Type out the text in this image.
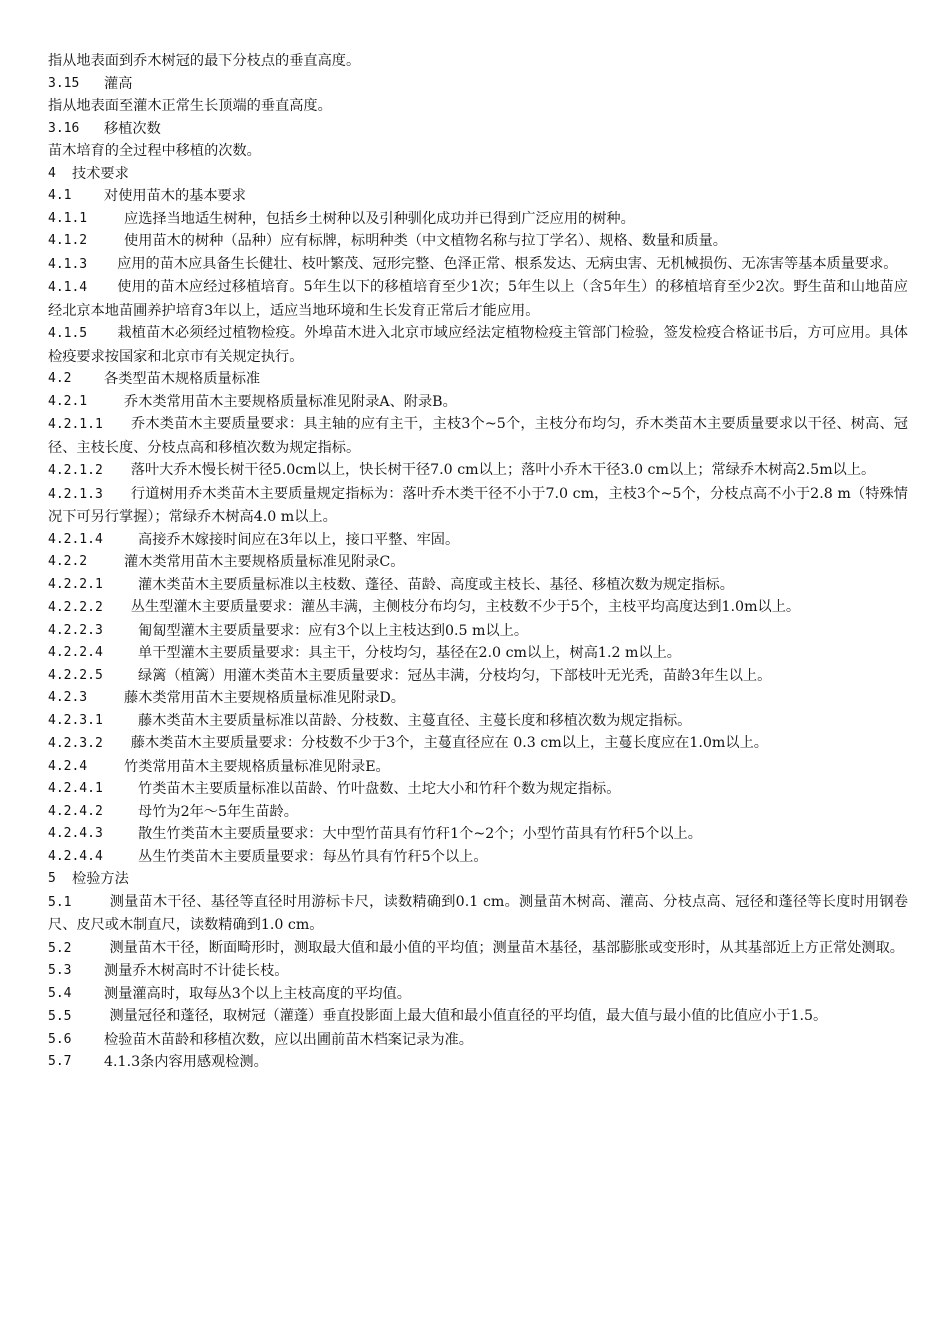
指从地表面到乔木树冠的最下分枝点的垂直高度。
3.15	灌高
指从地表面至灌木正常生长顶端的垂直高度。
3.16	移植次数
苗木培育的全过程中移植的次数。
4	技术要求
4.1	对使用苗木的基本要求
4.1.1	应选择当地适生树种，包括乡土树种以及引种驯化成功并已得到广泛应用的树种。
4.1.2	使用苗木的树种（品种）应有标牌，标明种类（中文植物名称与拉丁学名）、规格、数量和质量。
4.1.3 应用的苗木应具备生长健壮、枝叶繁茂、冠形完整、色泽正常、根系发达、无病虫害、无机械损伤、无冻害等基本质量要求。
4.1.4 使用的苗木应经过移植培育。5年生以下的移植培育至少1次；5年生以上（含5年生）的移植培育至少2次。野生苗和山地苗应经北京本地苗圃养护培育3年以上，适应当地环境和生长发育正常后才能应用。
4.1.5 栽植苗木必须经过植物检疫。外埠苗木进入北京市域应经法定植物检疫主管部门检验，签发检疫合格证书后，方可应用。具体检疫要求按国家和北京市有关规定执行。
4.2	各类型苗木规格质量标准
4.2.1	乔木类常用苗木主要规格质量标准见附录A、附录B。
4.2.1.1 乔木类苗木主要质量要求：具主轴的应有主干，主枝3个~5个，主枝分布均匀，乔木类苗木主要质量要求以干径、树高、冠径、主枝长度、分枝点高和移植次数为规定指标。
4.2.1.2 落叶大乔木慢长树干径5.0cm以上，快长树干径7.0 cm以上；落叶小乔木干径3.0 cm以上；常绿乔木树高2.5m以上。
4.2.1.3 行道树用乔木类苗木主要质量规定指标为：落叶乔木类干径不小于7.0 cm，主枝3个~5个，分枝点高不小于2.8 m（特殊情况下可另行掌握）；常绿乔木树高4.0 m以上。
4.2.1.4	高接乔木嫁接时间应在3年以上，接口平整、牢固。
4.2.2	灌木类常用苗木主要规格质量标准见附录C。
4.2.2.1	灌木类苗木主要质量标准以主枝数、蓬径、苗龄、高度或主枝长、基径、移植次数为规定指标。
4.2.2.2 丛生型灌木主要质量要求：灌丛丰满，主侧枝分布均匀，主枝数不少于5个，主枝平均高度达到1.0m以上。
4.2.2.3	匍匐型灌木主要质量要求：应有3个以上主枝达到0.5 m以上。
4.2.2.4	单干型灌木主要质量要求：具主干，分枝均匀，基径在2.0 cm以上，树高1.2 m以上。
4.2.2.5	绿篱（植篱）用灌木类苗木主要质量要求：冠丛丰满，分枝均匀，下部枝叶无光秃，苗龄3年生以上。
4.2.3	藤木类常用苗木主要规格质量标准见附录D。
4.2.3.1	藤木类苗木主要质量标准以苗龄、分枝数、主蔓直径、主蔓长度和移植次数为规定指标。
4.2.3.2 藤木类苗木主要质量要求：分枝数不少于3个，主蔓直径应在 0.3 cm以上，主蔓长度应在1.0m以上。
4.2.4	竹类常用苗木主要规格质量标准见附录E。
4.2.4.1	竹类苗木主要质量标准以苗龄、竹叶盘数、土坨大小和竹秆个数为规定指标。
4.2.4.2	母竹为2年～5年生苗龄。
4.2.4.3	散生竹类苗木主要质量要求：大中型竹苗具有竹秆1个~2个；小型竹苗具有竹秆5个以上。
4.2.4.4	丛生竹类苗木主要质量要求：每丛竹具有竹秆5个以上。
5	检验方法
5.1	测量苗木干径、基径等直径时用游标卡尺，读数精确到0.1 cm。测量苗木树高、灌高、分枝点高、冠径和蓬径等长度时用钢卷尺、皮尺或木制直尺，读数精确到1.0 cm。
5.2	测量苗木干径，断面畸形时，测取最大值和最小值的平均值；测量苗木基径，基部膨胀或变形时，从其基部近上方正常处测取。
5.3	测量乔木树高时不计徒长枝。
5.4	测量灌高时，取每丛3个以上主枝高度的平均值。
5.5	测量冠径和蓬径，取树冠（灌蓬）垂直投影面上最大值和最小值直径的平均值，最大值与最小值的比值应小于1.5。
5.6	检验苗木苗龄和移植次数，应以出圃前苗木档案记录为准。
5.7	4.1.3条内容用感观检测。
